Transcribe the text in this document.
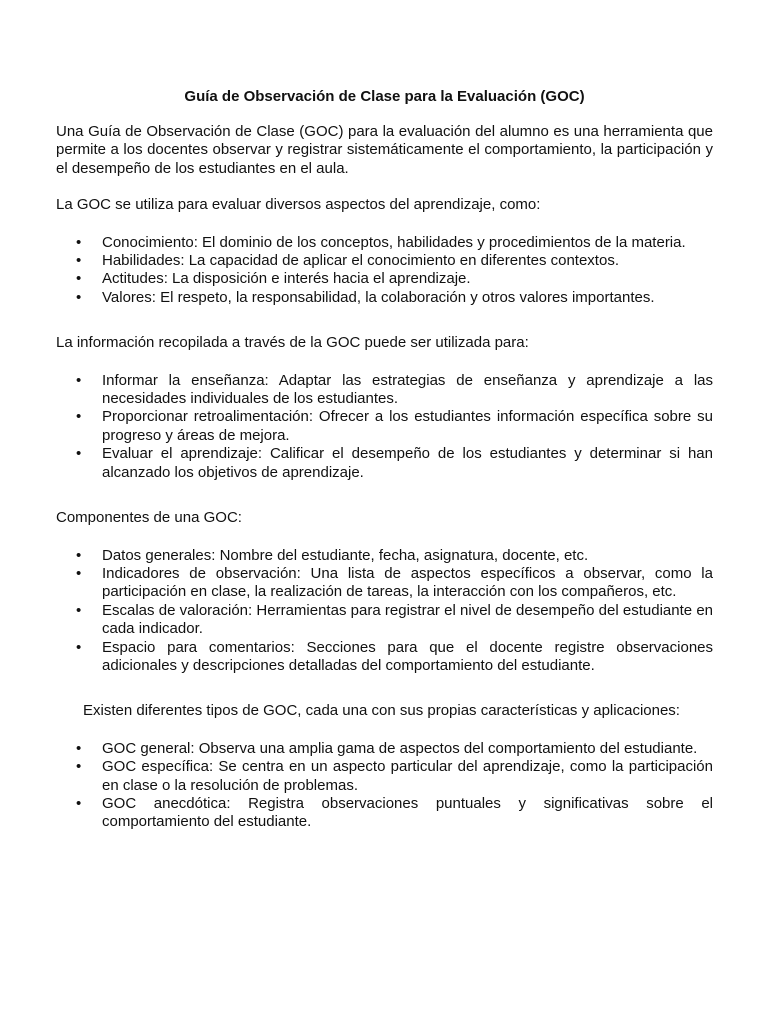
Guía de Observación de Clase para la Evaluación (GOC)

Una Guía de Observación de Clase (GOC) para la evaluación del alumno es una herramienta que permite a los docentes observar y registrar sistemáticamente el comportamiento, la participación y el desempeño de los estudiantes en el aula.

La GOC se utiliza para evaluar diversos aspectos del aprendizaje, como:

• Conocimiento: El dominio de los conceptos, habilidades y procedimientos de la materia.
• Habilidades: La capacidad de aplicar el conocimiento en diferentes contextos.
• Actitudes: La disposición e interés hacia el aprendizaje.
• Valores: El respeto, la responsabilidad, la colaboración y otros valores importantes.

La información recopilada a través de la GOC puede ser utilizada para:

• Informar la enseñanza: Adaptar las estrategias de enseñanza y aprendizaje a las necesidades individuales de los estudiantes.
• Proporcionar retroalimentación: Ofrecer a los estudiantes información específica sobre su progreso y áreas de mejora.
• Evaluar el aprendizaje: Calificar el desempeño de los estudiantes y determinar si han alcanzado los objetivos de aprendizaje.

Componentes de una GOC:

• Datos generales: Nombre del estudiante, fecha, asignatura, docente, etc.
• Indicadores de observación: Una lista de aspectos específicos a observar, como la participación en clase, la realización de tareas, la interacción con los compañeros, etc.
• Escalas de valoración: Herramientas para registrar el nivel de desempeño del estudiante en cada indicador.
• Espacio para comentarios: Secciones para que el docente registre observaciones adicionales y descripciones detalladas del comportamiento del estudiante.

Existen diferentes tipos de GOC, cada una con sus propias características y aplicaciones:

• GOC general: Observa una amplia gama de aspectos del comportamiento del estudiante.
• GOC específica: Se centra en un aspecto particular del aprendizaje, como la participación en clase o la resolución de problemas.
• GOC anecdótica: Registra observaciones puntuales y significativas sobre el comportamiento del estudiante.
